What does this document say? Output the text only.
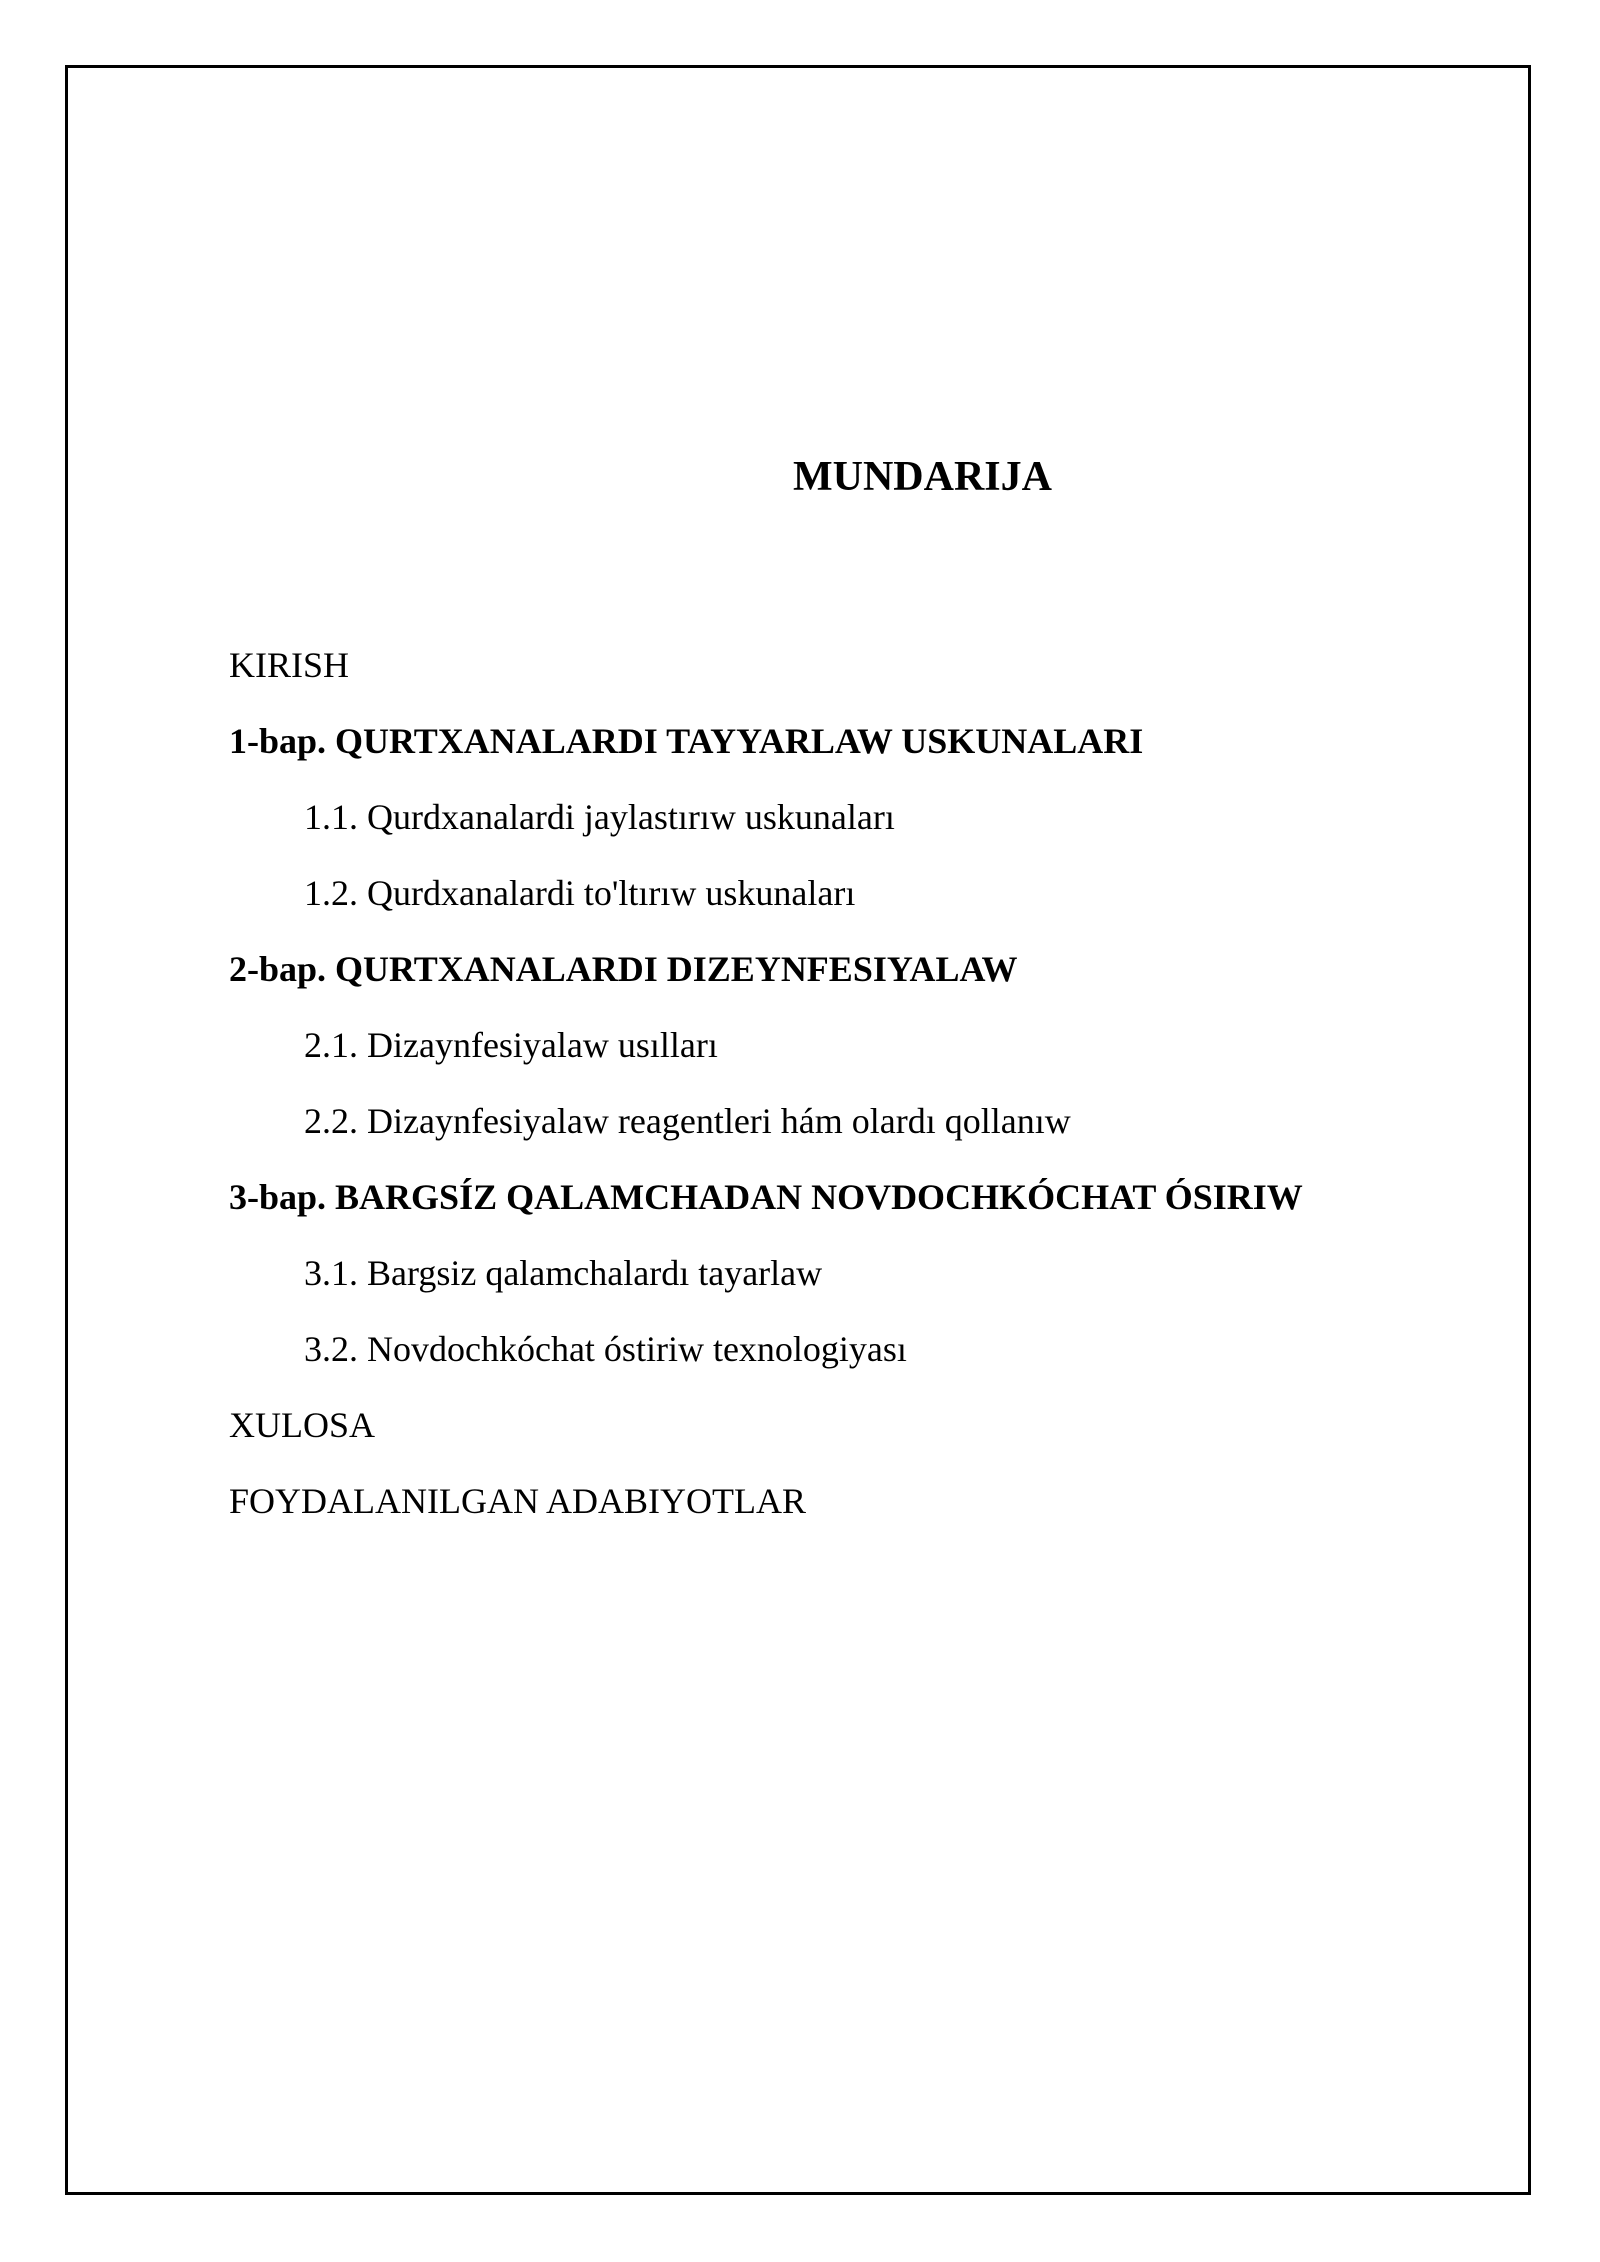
MUNDARIJA
KIRISH
1-bap. QURTXANALARDI TAYYARLAW USKUNALARI
1.1. Qurdxanalardi jaylastırıw uskunaları
1.2. Qurdxanalardi to'ltırıw uskunaları
2-bap. QURTXANALARDI DIZEYNFESIYALAW
2.1. Dizaynfesiyalaw usılları
2.2. Dizaynfesiyalaw reagentleri hám olardı qollanıw
3-bap. BARGSÍZ QALAMCHADAN NOVDOCHKÓCHAT ÓSIRIW
3.1. Bargsiz qalamchalardı tayarlaw
3.2. Novdochkóchat óstiriw texnologiyası
XULOSA
FOYDALANILGAN ADABIYOTLAR
